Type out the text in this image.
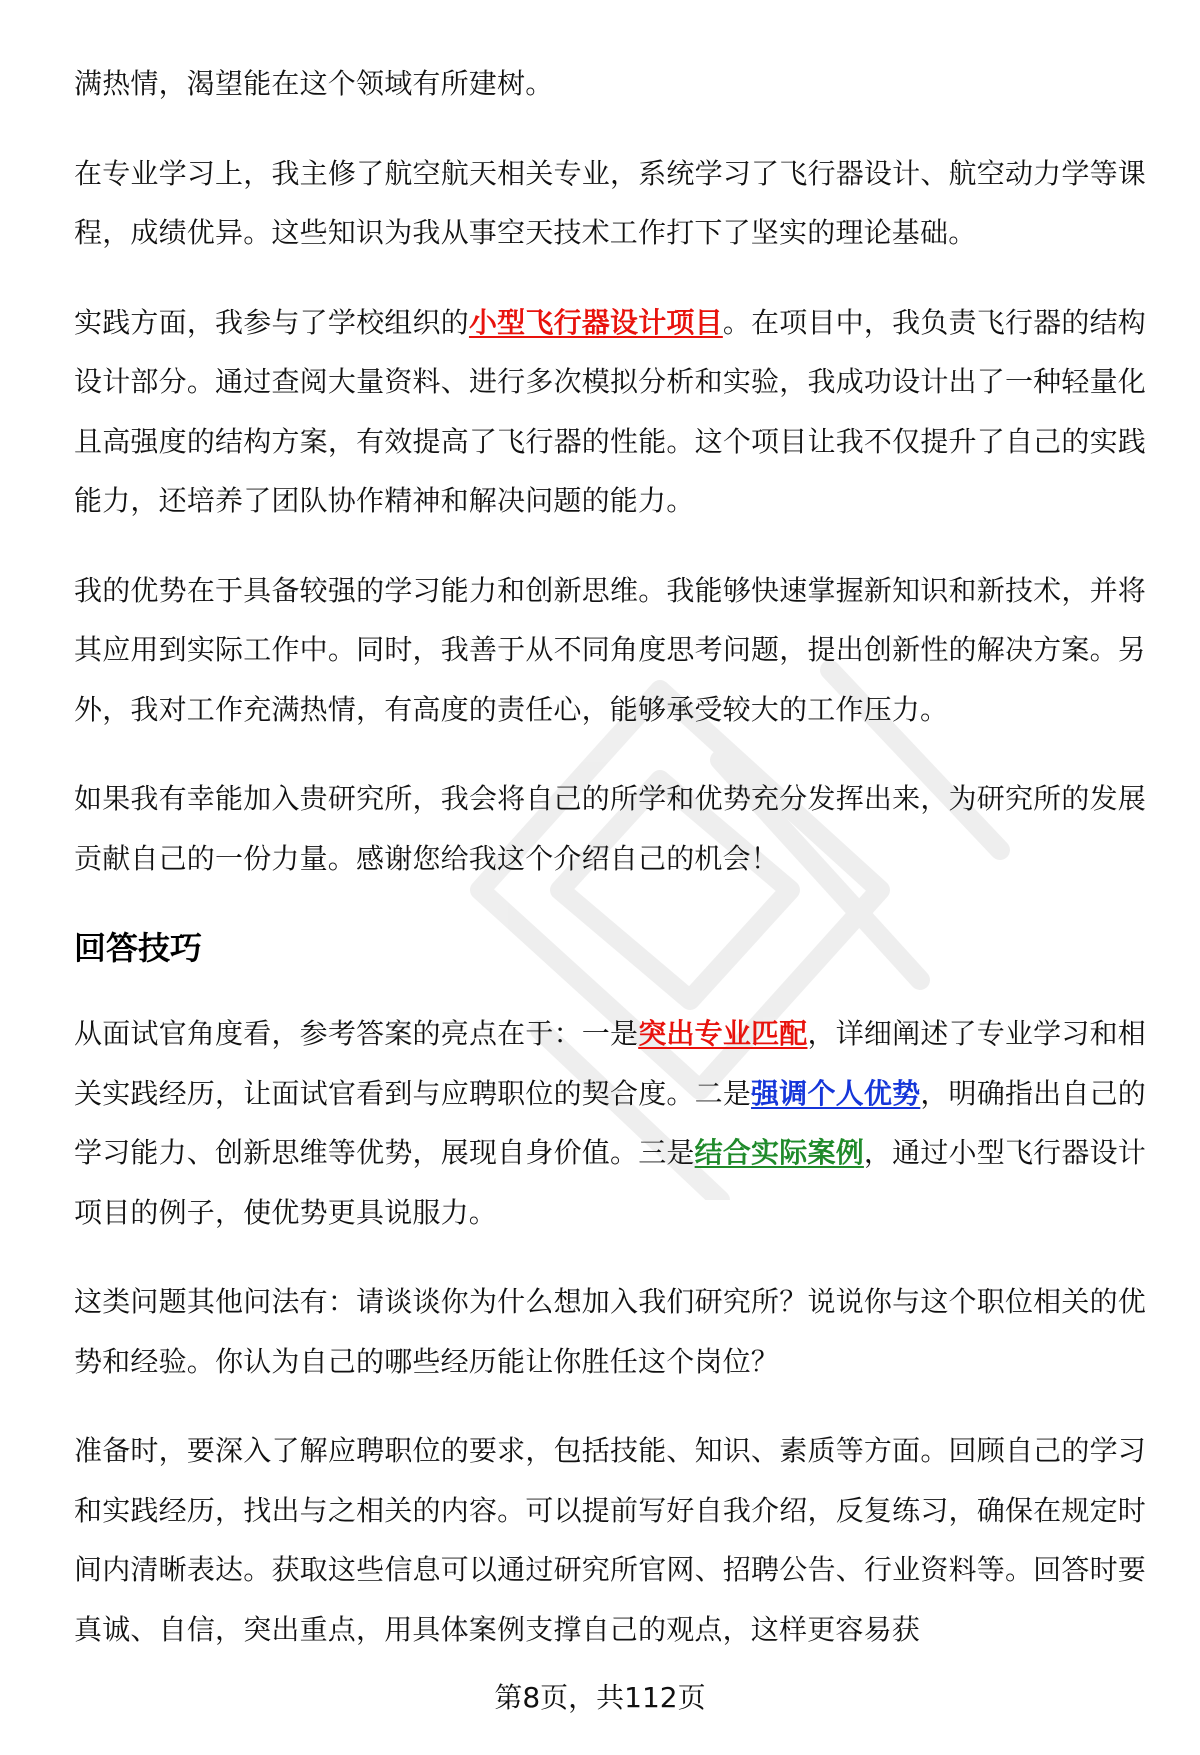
满热情，渴望能在这个领域有所建树。

在专业学习上，我主修了航空航天相关专业，系统学习了飞行器设计、航空动力学等课程，成绩优异。这些知识为我从事空天技术工作打下了坚实的理论基础。

实践方面，我参与了学校组织的小型飞行器设计项目。在项目中，我负责飞行器的结构设计部分。通过查阅大量资料、进行多次模拟分析和实验，我成功设计出了一种轻量化且高强度的结构方案，有效提高了飞行器的性能。这个项目让我不仅提升了自己的实践能力，还培养了团队协作精神和解决问题的能力。

我的优势在于具备较强的学习能力和创新思维。我能够快速掌握新知识和新技术，并将其应用到实际工作中。同时，我善于从不同角度思考问题，提出创新性的解决方案。另外，我对工作充满热情，有高度的责任心，能够承受较大的工作压力。

如果我有幸能加入贵研究所，我会将自己的所学和优势充分发挥出来，为研究所的发展贡献自己的一份力量。感谢您给我这个介绍自己的机会！

回答技巧

从面试官角度看，参考答案的亮点在于：一是突出专业匹配，详细阐述了专业学习和相关实践经历，让面试官看到与应聘职位的契合度。二是强调个人优势，明确指出自己的学习能力、创新思维等优势，展现自身价值。三是结合实际案例，通过小型飞行器设计项目的例子，使优势更具说服力。

这类问题其他问法有：请谈谈你为什么想加入我们研究所？说说你与这个职位相关的优势和经验。你认为自己的哪些经历能让你胜任这个岗位？

准备时，要深入了解应聘职位的要求，包括技能、知识、素质等方面。回顾自己的学习和实践经历，找出与之相关的内容。可以提前写好自我介绍，反复练习，确保在规定时间内清晰表达。获取这些信息可以通过研究所官网、招聘公告、行业资料等。回答时要真诚、自信，突出重点，用具体案例支撑自己的观点，这样更容易获

第8页，共112页
